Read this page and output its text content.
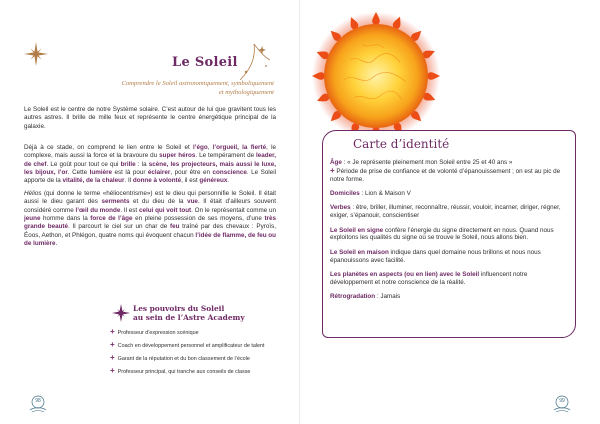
Le Soleil
Comprendre le Soleil astronomiquement, symboliquement
et mythologiquement

Le Soleil est le centre de notre Système solaire. C’est autour de lui que gravitent tous les autres astres. Il brille de mille feux et représente le centre énergétique principal de la galaxie.

Déjà à ce stade, on comprend le lien entre le Soleil et l’égo, l’orgueil, la fierté, le complexe, mais aussi la force et la bravoure du super héros. Le tempérament de leader, de chef. Le goût pour tout ce qui brille : la scène, les projecteurs, mais aussi le luxe, les bijoux, l’or. Cette lumière est là pour éclairer, pour être en conscience. Le Soleil apporte de la vitalité, de la chaleur. Il donne à volonté, il est généreux.

Hélios (qui donne le terme «héliocentrisme») est le dieu qui personnifie le Soleil. Il était aussi le dieu garant des serments et du dieu de la vue. Il était d’ailleurs souvent considéré comme l’œil du monde. Il est celui qui voit tout. On le représentait comme un jeune homme dans la force de l’âge en pleine possession de ses moyens, d’une très grande beauté. Il parcourt le ciel sur un char de feu traîné par des chevaux : Pyroïs, Éoos, Aethon, et Phlégon, quatre noms qui évoquent chacun l’idée de flamme, de feu ou de lumière.

Les pouvoirs du Soleil
au sein de l’Astre Academy
+ Professeur d’expression scénique
+ Coach en développement personnel et amplificateur de talent
+ Garant de la réputation et du bon classement de l’école
+ Professeur principal, qui tranche aux conseils de classe
Carte d’identité
Âge : « Je représente pleinement mon Soleil entre 25 et 40 ans »
+ Période de prise de confiance et de volonté d’épanouissement ; on est au pic de notre forme.
Domiciles : Lion & Maison V
Verbes : être, briller, illuminer, reconnaître, réussir, vouloir, incarner, diriger, régner, exiger, s’épanouir, conscientiser
Le Soleil en signe confère l’énergie du signe directement en nous. Quand nous exploitons les qualités du signe où se trouve le Soleil, nous allons bien.
Le Soleil en maison indique dans quel domaine nous brillons et nous nous épanouissons avec facilité.
Les planètes en aspects (ou en lien) avec le Soleil influencent notre développement et notre conscience de la réalité.
Rétrogradation : Jamais
98	99
